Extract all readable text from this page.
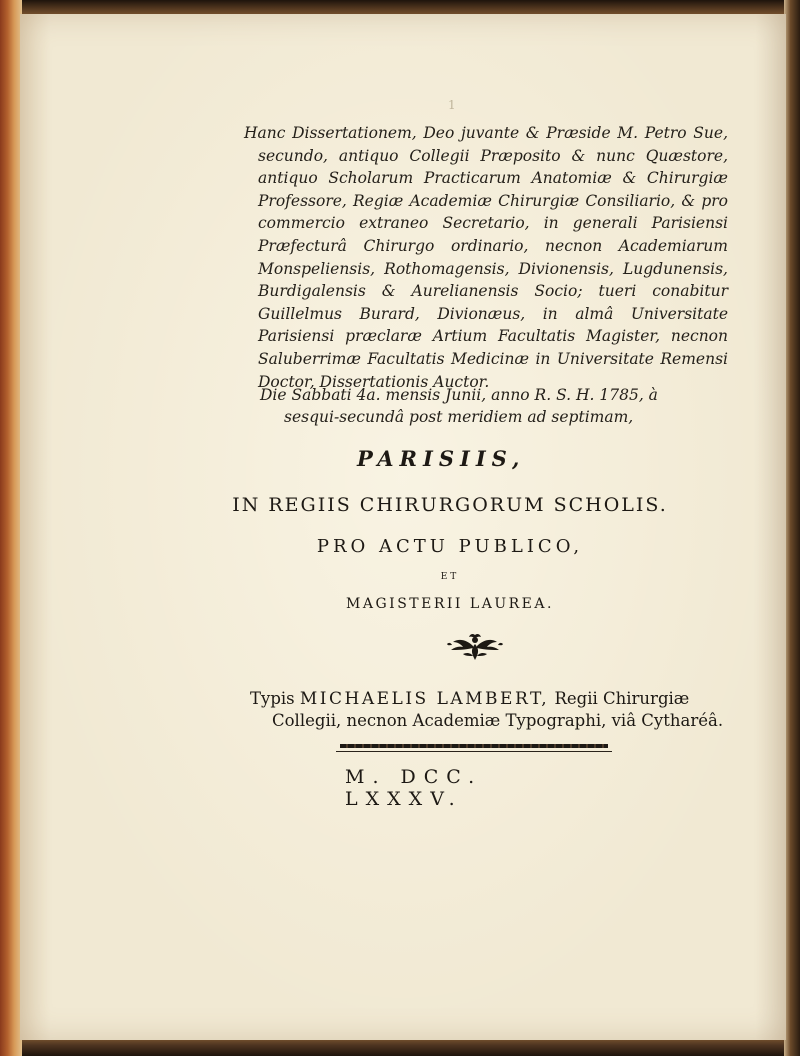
1
Hanc Dissertationem, Deo juvante & Præside M. Petro Sue, secundo, antiquo Collegii Præposito & nunc Quæstore, antiquo Scholarum Practicarum Anatomiæ & Chirurgiæ Professore, Regiæ Academiæ Chirurgiæ Consiliario, & pro commercio extraneo Secretario, in generali Parisiensi Præfecturâ Chirurgo ordinario, necnon Academiarum Monspeliensis, Rothomagensis, Divionensis, Lugdunensis, Burdigalensis & Aurelianensis Socio; tueri conabitur Guillelmus Burard, Divionæus, in almâ Universitate Parisiensi præclaræ Artium Facultatis Magister, necnon Saluberrimæ Facultatis Medicinæ in Universitate Remensi Doctor, Dissertationis Auctor.
Die Sabbati 4a. mensis Junii, anno R. S. H. 1785, à
sesqui-secundâ post meridiem ad septimam,
PARISIIS,
IN REGIIS CHIRURGORUM SCHOLIS.
PRO ACTU PUBLICO,
ET
MAGISTERII LAUREA.
Typis MICHAELIS LAMBERT, Regii Chirurgiæ
Collegii, necnon Academiæ Typographi, viâ Cytharéâ.
M. DCC. LXXXV.
